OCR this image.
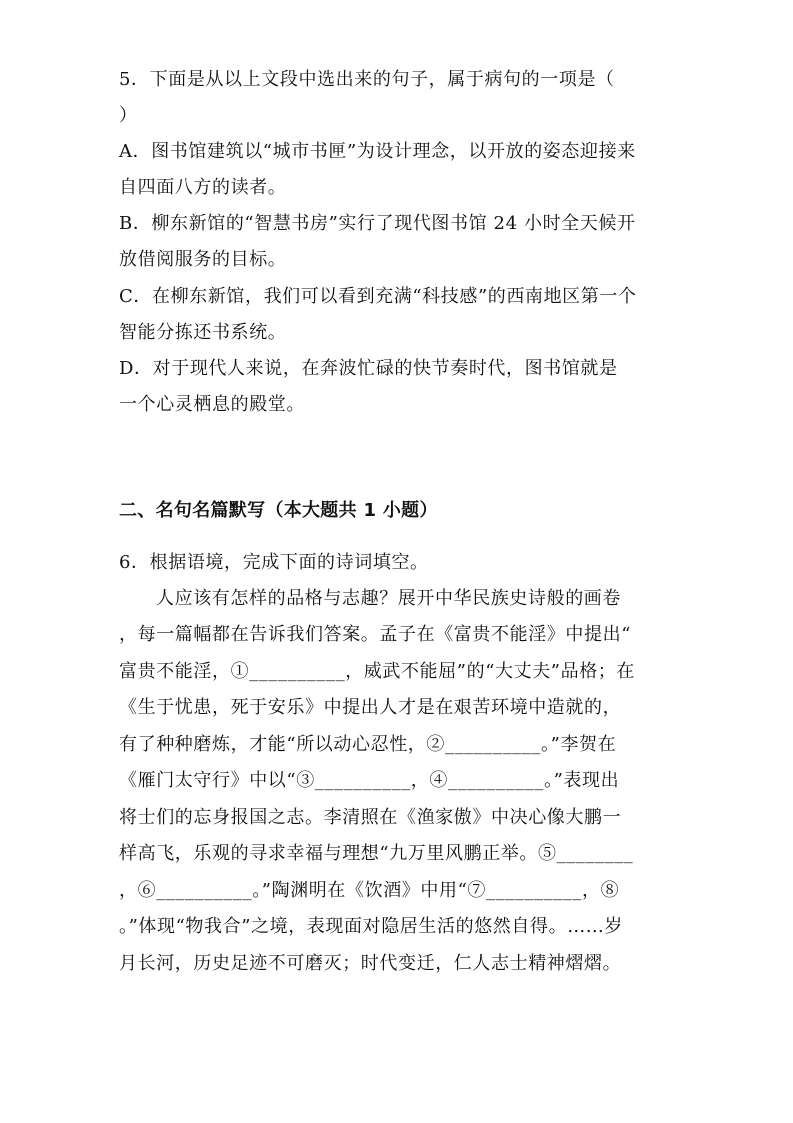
5．下面是从以上文段中选出来的句子，属于病句的一项是（
）
A．图书馆建筑以“城市书匣”为设计理念，以开放的姿态迎接来
自四面八方的读者。
B．柳东新馆的“智慧书房”实行了现代图书馆 24 小时全天候开
放借阅服务的目标。
C．在柳东新馆，我们可以看到充满“科技感”的西南地区第一个
智能分拣还书系统。
D．对于现代人来说，在奔波忙碌的快节奏时代，图书馆就是
一个心灵栖息的殿堂。
二、名句名篇默写（本大题共 1 小题）
6．根据语境，完成下面的诗词填空。
人应该有怎样的品格与志趣？展开中华民族史诗般的画卷
，每一篇幅都在告诉我们答案。孟子在《富贵不能淫》中提出“
富贵不能淫，①__________，威武不能屈”的“大丈夫”品格；在
《生于忧患，死于安乐》中提出人才是在艰苦环境中造就的，
有了种种磨炼，才能“所以动心忍性，②__________。”李贺在
《雁门太守行》中以“③__________，④__________。”表现出
将士们的忘身报国之志。李清照在《渔家傲》中决心像大鹏一
样高飞，乐观的寻求幸福与理想“九万里风鹏正举。⑤________
，⑥__________。”陶渊明在《饮酒》中用“⑦__________，⑧
。”体现“物我合”之境，表现面对隐居生活的悠然自得。……岁
月长河，历史足迹不可磨灭；时代变迁，仁人志士精神熠熠。
